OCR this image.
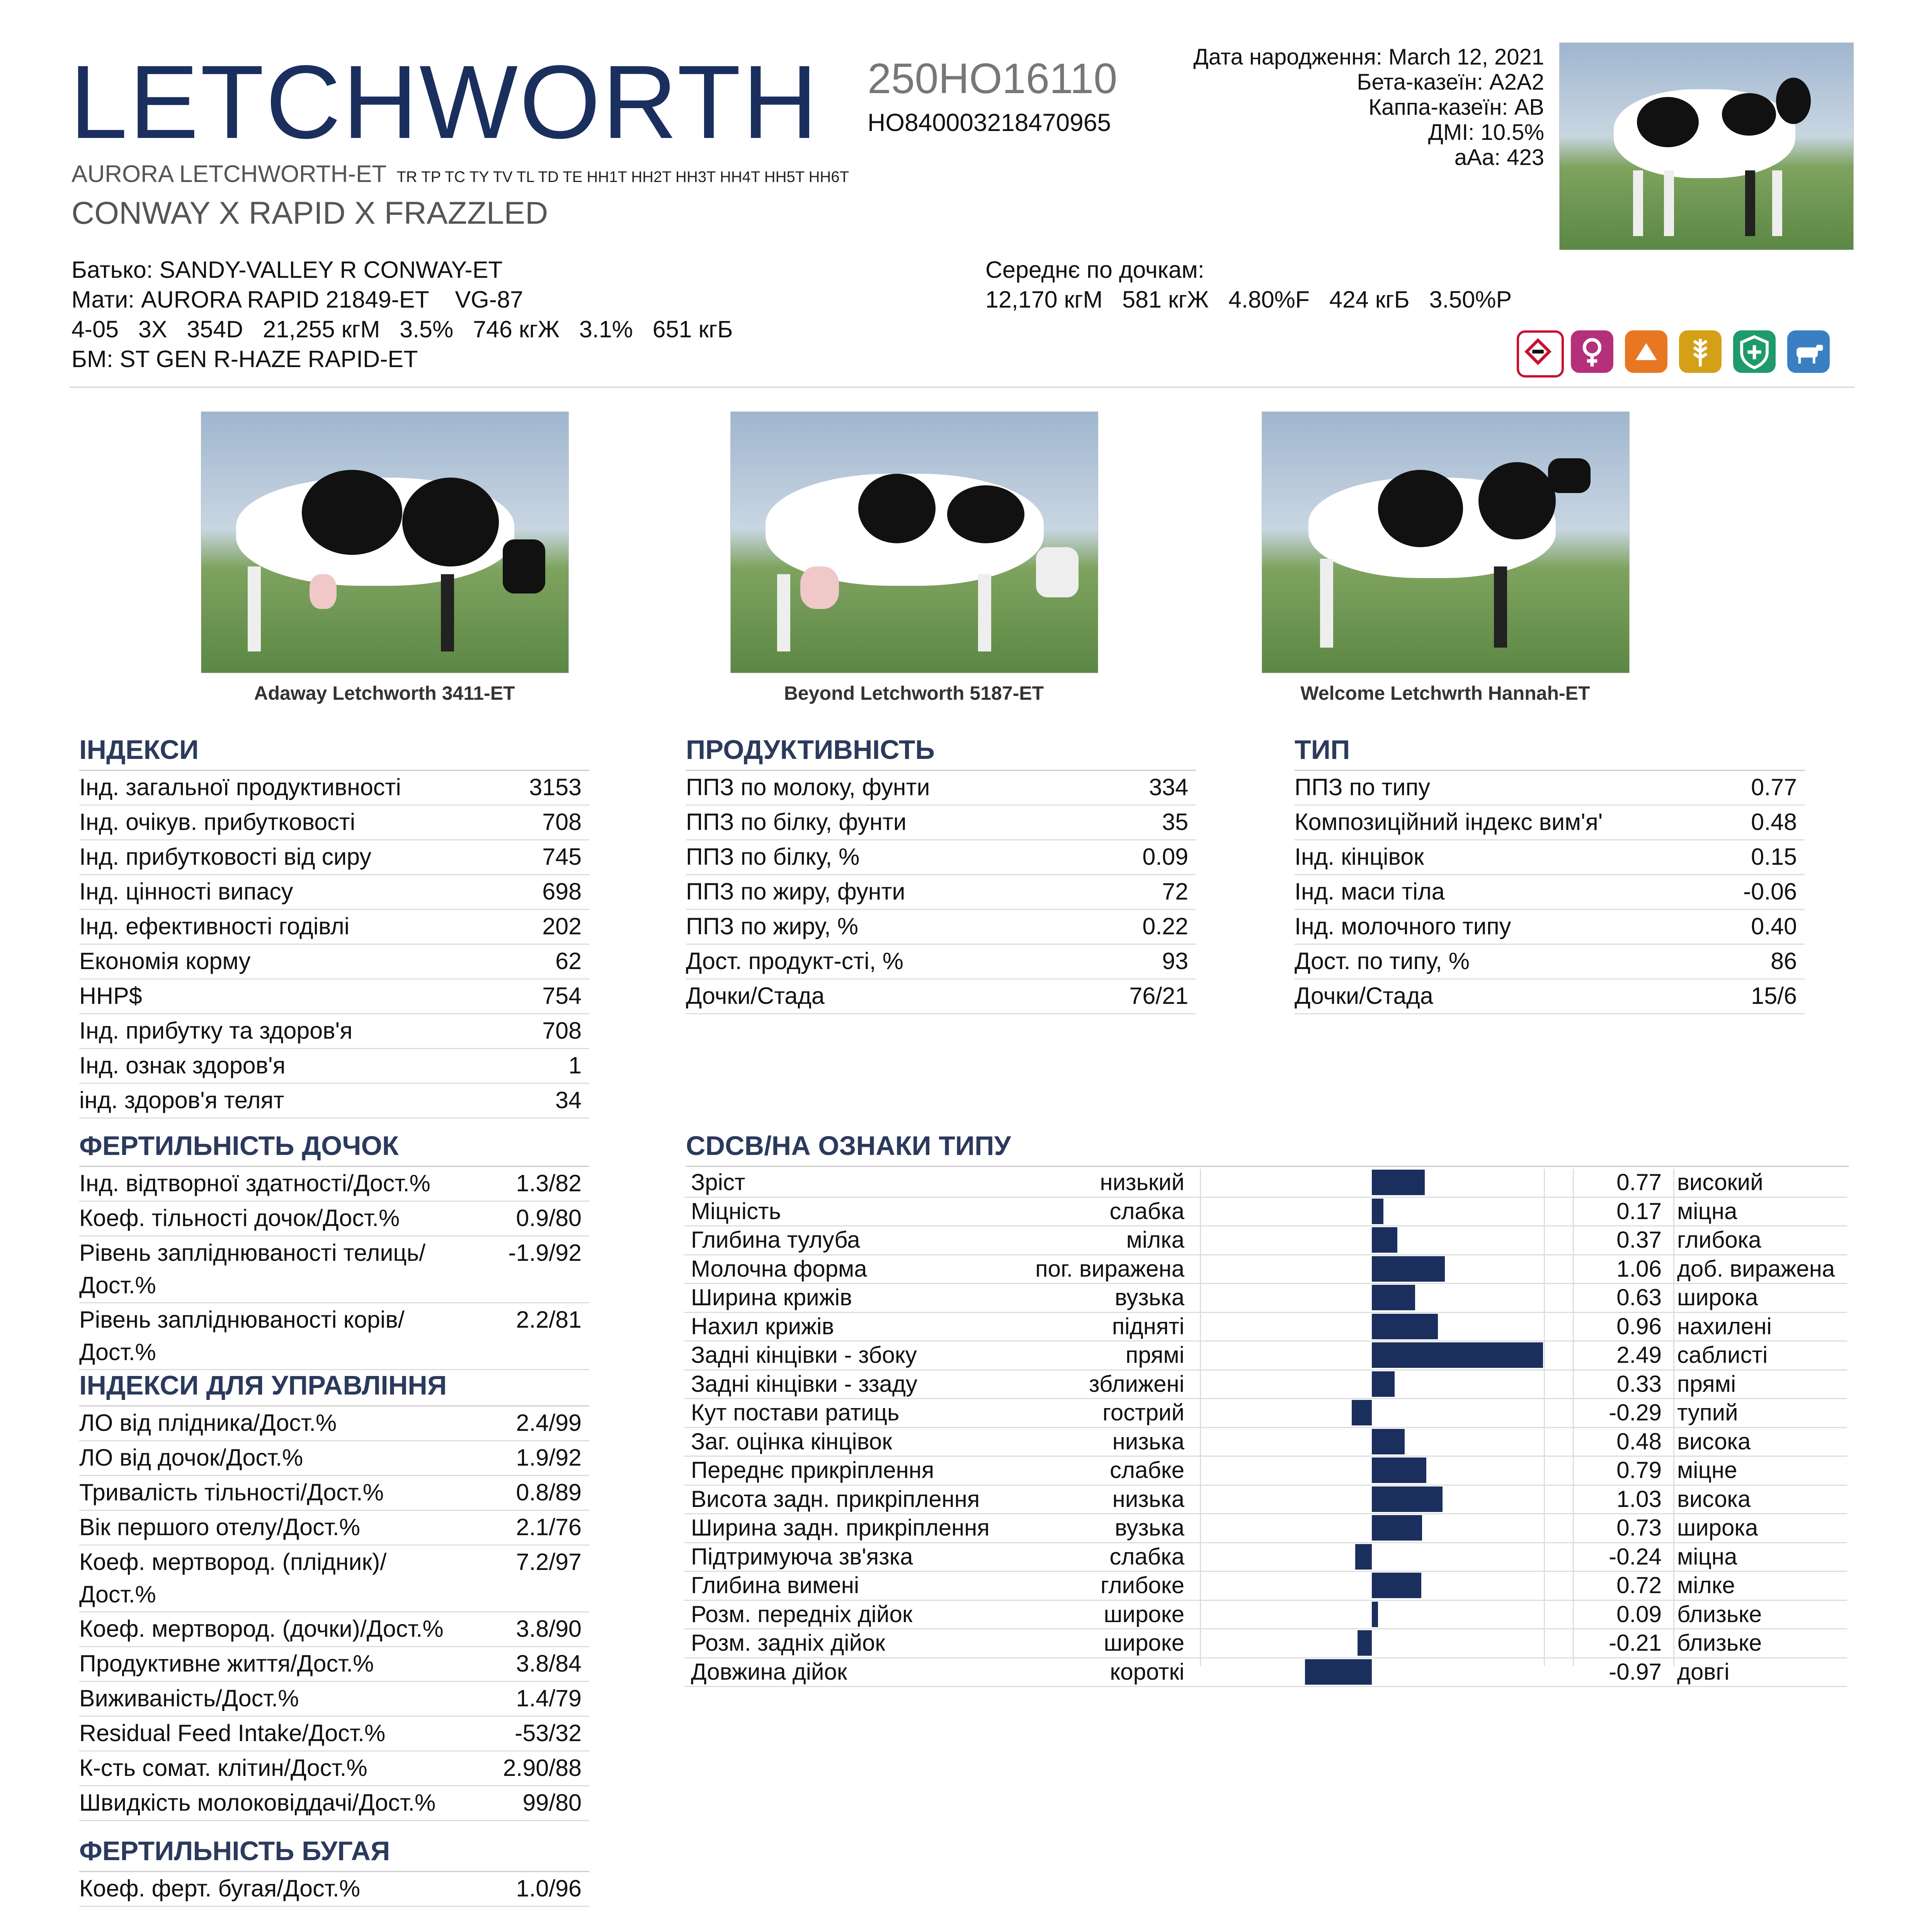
LETCHWORTH
AURORA LETCHWORTH-ET TR TP TC TY TV TL TD TE HH1T HH2T HH3T HH4T HH5T HH6T
CONWAY X RAPID X FRAZZLED
250HO16110
HO840003218470965
Дата народження: March 12, 2021
Бета-казеїн: A2A2
Каппа-казеїн: AB
ДМІ: 10.5%
aAa: 423
Батько: SANDY-VALLEY R CONWAY-ET
Мати: AURORA RAPID 21849-ET    VG-87
4-05   3X   354D   21,255 кгМ   3.5%   746 кгЖ   3.1%   651 кгБ
БМ: ST GEN R-HAZE RAPID-ET
Середнє по дочкам:
12,170 кгМ   581 кгЖ   4.80%F   424 кгБ   3.50%P
Adaway Letchworth 3411-ET	Beyond Letchworth 5187-ET	Welcome Letchwrth Hannah-ET
ІНДЕКСИ
Інд. загальної продуктивності	3153
Інд. очікув. прибутковості	708
Інд. прибутковості від сиру	745
Інд. цінності випасу	698
Інд. ефективності годівлі	202
Економія корму	62
HHP$	754
Інд. прибутку та здоров'я	708
Інд. ознак здоров'я	1
інд. здоров'я телят	34
ПРОДУКТИВНІСТЬ
ППЗ по молоку, фунти	334
ППЗ по білку, фунти	35
ППЗ по білку, %	0.09
ППЗ по жиру, фунти	72
ППЗ по жиру, %	0.22
Дост. продукт-сті, %	93
Дочки/Стада	76/21
ТИП
ППЗ по типу	0.77
Композиційний індекс вим'я'	0.48
Інд. кінцівок	0.15
Інд. маси тіла	-0.06
Інд. молочного типу	0.40
Дост. по типу, %	86
Дочки/Стада	15/6
ФЕРТИЛЬНІСТЬ ДОЧОК
Інд. відтворної здатності/Дост.%	1.3/82
Коеф. тільності дочок/Дост.%	0.9/80
Рівень запліднюваності телиць/ Дост.%
-1.9/92
Рівень запліднюваності корів/ Дост.%
2.2/81
ІНДЕКСИ ДЛЯ УПРАВЛІННЯ
ЛО від плідника/Дост.%	2.4/99
ЛО від дочок/Дост.%	1.9/92
Тривалість тільності/Дост.%	0.8/89
Вік першого отелу/Дост.%	2.1/76
Коеф. мертвород. (плідник)/ Дост.%
7.2/97
Коеф. мертвород. (дочки)/Дост.%	3.8/90
Продуктивне життя/Дост.%	3.8/84
Виживаність/Дост.%	1.4/79
Residual Feed Intake/Дост.%	-53/32
К-сть сомат. клітин/Дост.%	2.90/88
Швидкість молоковіддачі/Дост.%	99/80
ФЕРТИЛЬНІСТЬ БУГАЯ
Коеф. ферт. бугая/Дост.%	1.0/96
CDCB/НА ОЗНАКИ ТИПУ
Зріст	низький	0.77 високий
Міцність	слабка	0.17 міцна
Глибина тулуба	мілка	0.37 глибока
Молочна форма	пог. виражена	1.06 доб. виражена
Ширина крижів	вузька	0.63 широка
Нахил крижів	підняті	0.96 нахилені
Задні кінцівки - збоку	прямі	2.49 саблисті
Задні кінцівки - ззаду	зближені	0.33 прямі
Кут постави ратиць	гострий	-0.29 тупий
Заг. оцінка кінцівок	низька	0.48 висока
Переднє прикріплення	слабке	0.79 міцне
Висота задн. прикріплення	низька	1.03 висока
Ширина задн. прикріплення	вузька	0.73 широка
Підтримуюча зв'язка	слабка	-0.24 міцна
Глибина вимені	глибоке	0.72 мілке
Розм. передніх дійок	широке	0.09 близьке
Розм. задніх дійок	широке	-0.21 близьке
Довжина дійок	короткі	-0.97 довгі
